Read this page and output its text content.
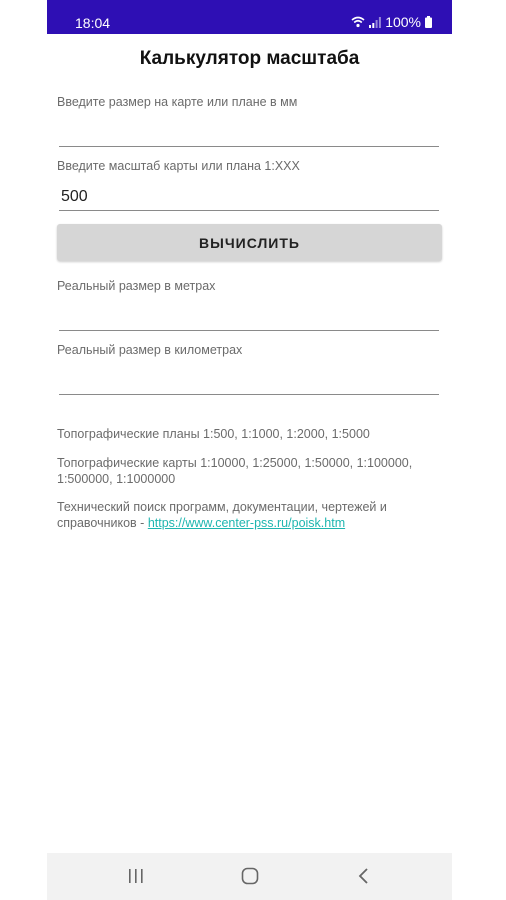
18:04	100%
Калькулятор масштаба
Введите размер на карте или плане в мм
Введите масштаб карты или плана 1:ХХХ
500
ВЫЧИСЛИТЬ
Реальный размер в метрах
Реальный размер в километрах
Топографические планы 1:500, 1:1000, 1:2000, 1:5000
Топографические карты 1:10000, 1:25000, 1:50000, 1:100000, 1:500000, 1:1000000
Технический поиск программ, документации, чертежей и справочников - https://www.center-pss.ru/poisk.htm
